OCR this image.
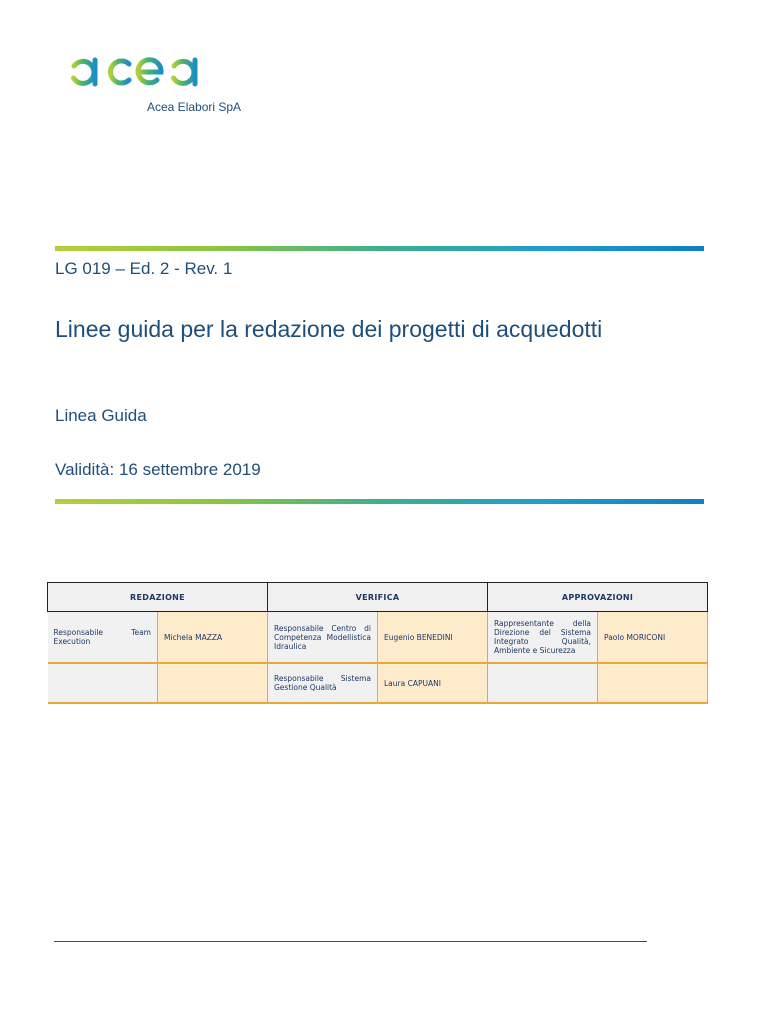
Acea Elabori SpA
LG 019 – Ed. 2 - Rev. 1
Linee guida per la redazione dei progetti di acquedotti
Linea Guida
Validità: 16 settembre 2019
REDAZIONE		VERIFICA		APPROVAZIONI	
Responsabile Team Execution	Michela MAZZA	Responsabile Centro di Competenza Modellistica Idraulica	Eugenio BENEDINI	Rappresentante della Direzione del Sistema Integrato Qualità, Ambiente e Sicurezza	Paolo MORICONI
		Responsabile Sistema Gestione Qualità	Laura CAPUANI		
